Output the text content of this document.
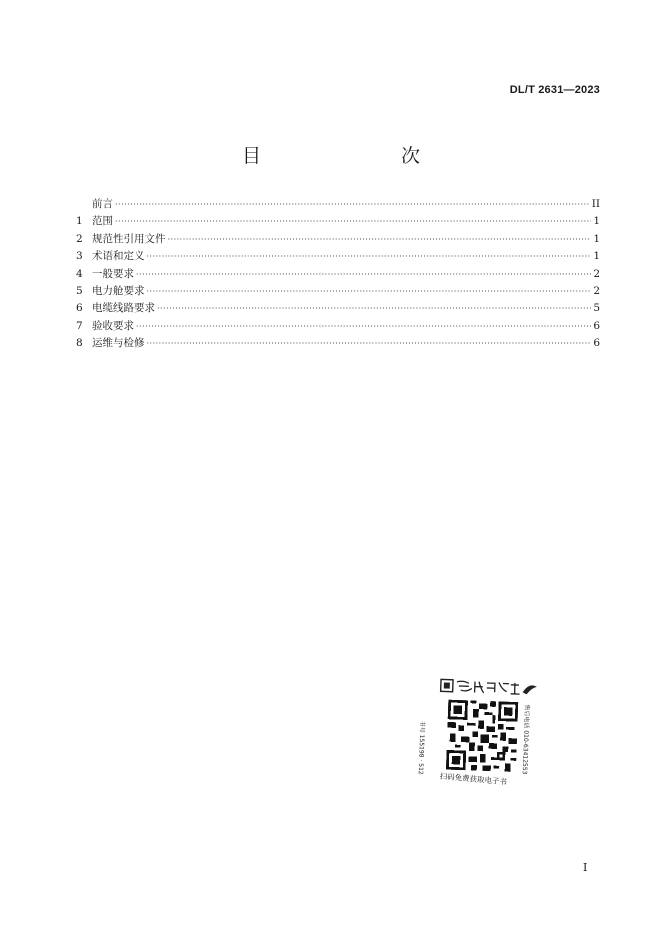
DL/T 2631—2023
目　　次
前言 ·····	II
1 范围 ·····	1
2 规范性引用文件 ·····	1
3 术语和定义 ·····	1
4 一般要求 ·····	2
5 电力舱要求 ·····	2
6 电缆线路要求 ·····	5
7 验收要求 ·····	6
8 运维与检修 ·····	6
书号 155198 · 512	售后电话 010-63412553
扫码免费获取电子书
I
